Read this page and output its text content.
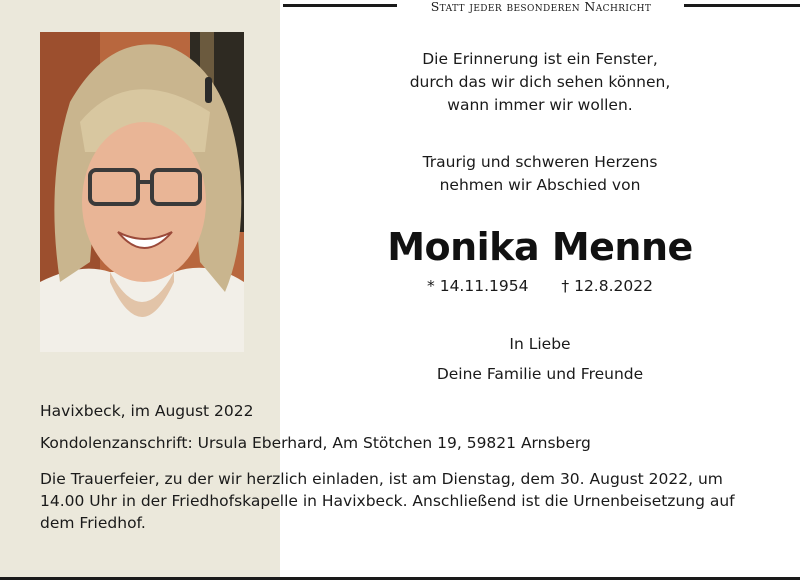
Statt jeder besonderen Nachricht
Die Erinnerung ist ein Fenster,
durch das wir dich sehen können,
wann immer wir wollen.
Traurig und schweren Herzens
nehmen wir Abschied von
Monika Menne
* 14.11.1954 † 12.8.2022
In Liebe
Deine Familie und Freunde
Havixbeck, im August 2022
Kondolenzanschrift: Ursula Eberhard, Am Stötchen 19, 59821 Arnsberg
Die Trauerfeier, zu der wir herzlich einladen, ist am Dienstag, dem 30. August 2022, um 14.00 Uhr in der Friedhofskapelle in Havixbeck. Anschließend ist die Urnenbeisetzung auf dem Friedhof.
